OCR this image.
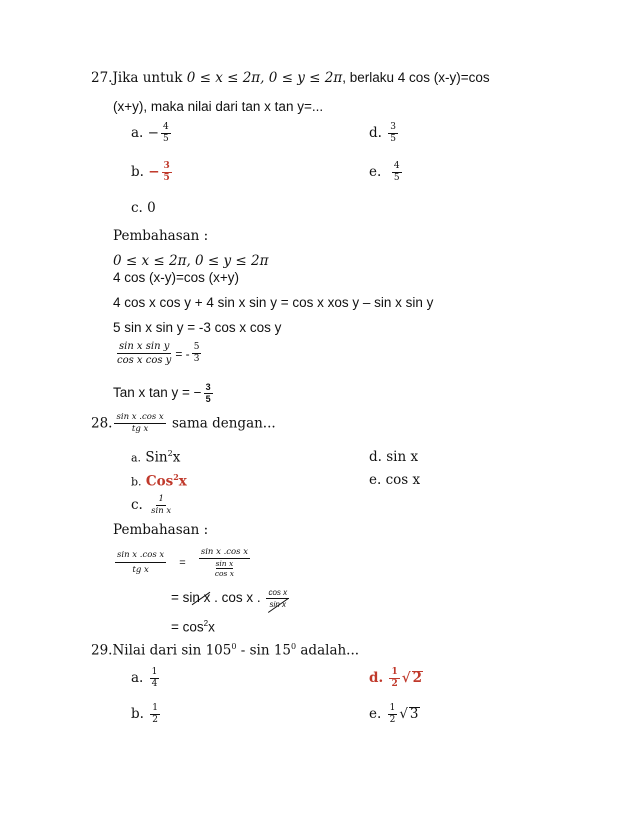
27.Jika untuk 0 ≤ x ≤ 2π, 0 ≤ y ≤ 2π, berlaku 4 cos (x-y)=cos
(x+y), maka nilai dari tan x tan y=...
a. − $\frac{4}{5}$	d. $\frac{3}{5}$
b. − $\frac{3}{5}$	e. $\frac{4}{5}$
c. 0
Pembahasan :
0 ≤ x ≤ 2π, 0 ≤ y ≤ 2π
4 cos (x-y)=cos (x+y)
4 cos x cos y + 4 sin x sin y = cos x xos y – sin x sin y
5 sin x sin y = -3 cos x cos y
$\frac{\text{sin x sin y}}{\text{cos x cos y}}$ = - $\frac{5}{3}$
Tan x tan y = − $\frac{3}{5}$
28. $\frac{\text{sin x .cos x}}{\text{tg x}}$ sama dengan...
a. Sin$^2$x	d. sin x
b. Cos$^2$x	e. cos x
c. $\frac{1}{\text{sin x}}$
Pembahasan :
$\frac{\text{sin x .cos x}}{\text{tg x}} = \sin x$ .cos x
sin x
cos x
= sin x . cos x . $\frac{\text{cos x}}{\text{sin x}}$
= $\cos^2x$
29.Nilai dari $\sin 105^0$ - $\sin 15^0$ adalah...
a. $\frac{1}{4}$	d. $\frac{1}{2}$ √ 2
b. $\frac{1}{2}$	e. $\frac{1}{2}$ √ 3
